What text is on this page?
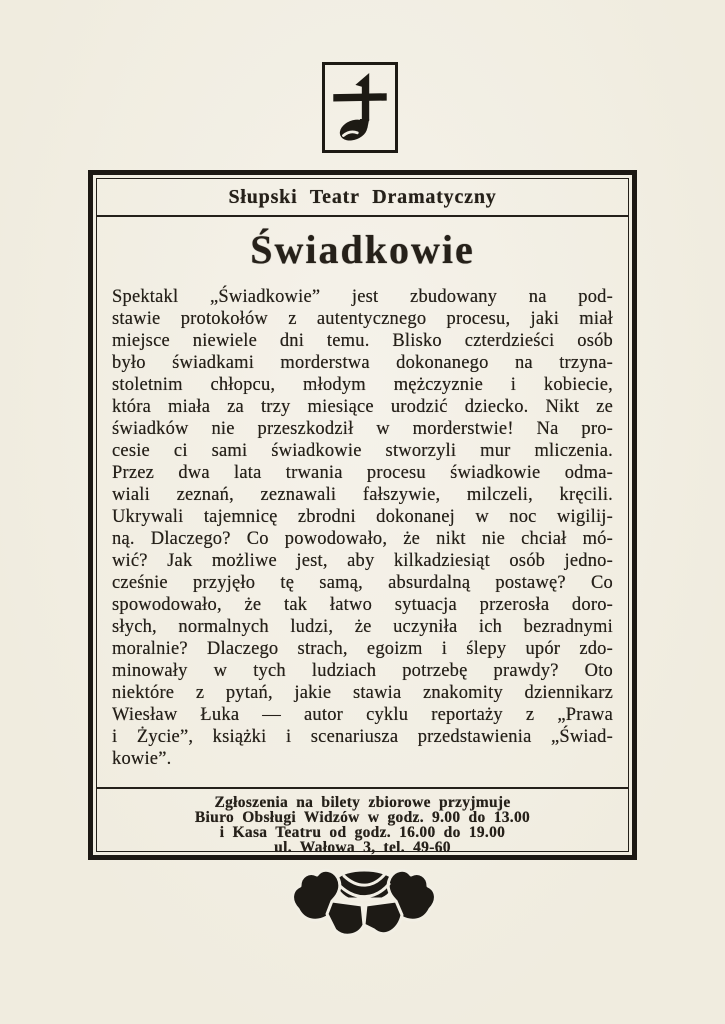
Słupski Teatr Dramatyczny
Świadkowie
Spektakl „Świadkowie” jest zbudowany na pod-
stawie protokołów z autentycznego procesu, jaki miał
miejsce niewiele dni temu. Blisko czterdzieści osób
było świadkami morderstwa dokonanego na trzyna-
stoletnim chłopcu, młodym mężczyznie i kobiecie,
która miała za trzy miesiące urodzić dziecko. Nikt ze
świadków nie przeszkodził w morderstwie! Na pro-
cesie ci sami świadkowie stworzyli mur mliczenia.
Przez dwa lata trwania procesu świadkowie odma-
wiali zeznań, zeznawali fałszywie, milczeli, kręcili.
Ukrywali tajemnicę zbrodni dokonanej w noc wigilij-
ną. Dlaczego? Co powodowało, że nikt nie chciał mó-
wić? Jak możliwe jest, aby kilkadziesiąt osób jedno-
cześnie przyjęło tę samą, absurdalną postawę? Co
spowodowało, że tak łatwo sytuacja przerosła doro-
słych, normalnych ludzi, że uczyniła ich bezradnymi
moralnie? Dlaczego strach, egoizm i ślepy upór zdo-
minowały w tych ludziach potrzebę prawdy? Oto
niektóre z pytań, jakie stawia znakomity dziennikarz
Wiesław Łuka — autor cyklu reportaży z „Prawa
i Życie”, książki i scenariusza przedstawienia „Świad-
kowie”.
Zgłoszenia na bilety zbiorowe przyjmuje
Biuro Obsługi Widzów w godz. 9.00 do 13.00
i Kasa Teatru od godz. 16.00 do 19.00
ul. Wałowa 3, tel. 49-60
